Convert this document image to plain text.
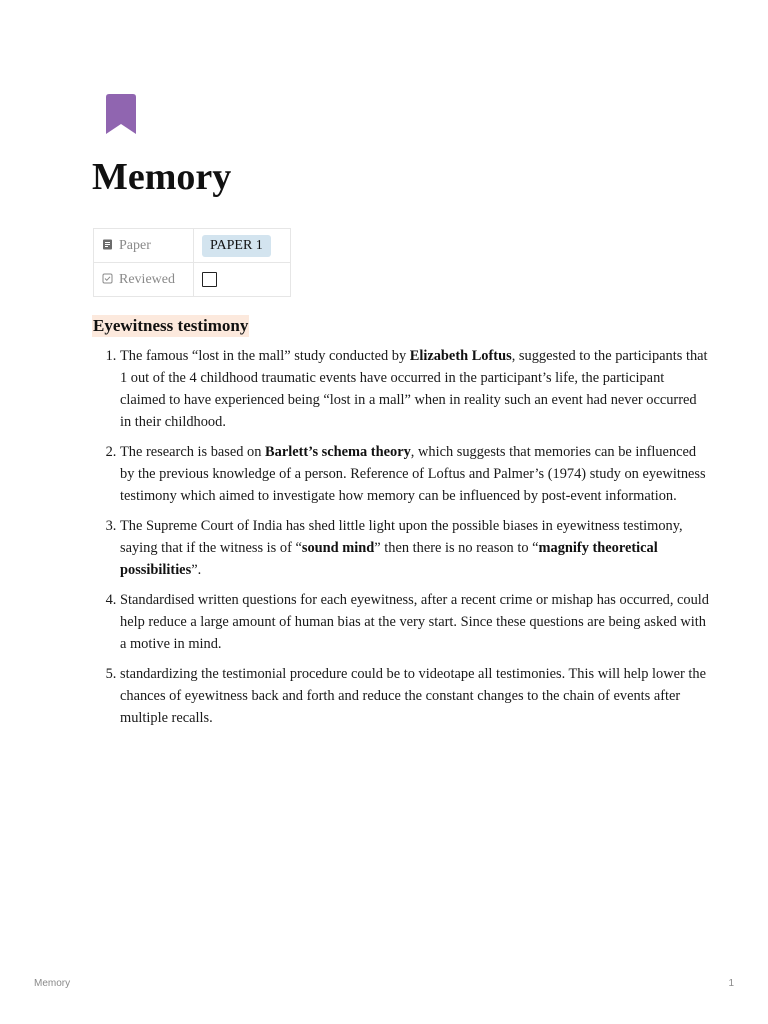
Memory
Paper	PAPER 1
Reviewed	
Eyewitness testimony
1. The famous “lost in the mall” study conducted by Elizabeth Loftus, suggested to the participants that 1 out of the 4 childhood traumatic events have occurred in the participant’s life, the participant claimed to have experienced being “lost in a mall” when in reality such an event had never occurred in their childhood.
2. The research is based on Barlett’s schema theory, which suggests that memories can be influenced by the previous knowledge of a person. Reference of Loftus and Palmer’s (1974) study on eyewitness testimony which aimed to investigate how memory can be influenced by post-event information.
3. The Supreme Court of India has shed little light upon the possible biases in eyewitness testimony, saying that if the witness is of “sound mind” then there is no reason to “magnify theoretical possibilities”.
4. Standardised written questions for each eyewitness, after a recent crime or mishap has occurred, could help reduce a large amount of human bias at the very start. Since these questions are being asked with a motive in mind.
5. standardizing the testimonial procedure could be to videotape all testimonies. This will help lower the chances of eyewitness back and forth and reduce the constant changes to the chain of events after multiple recalls.
Memory	1
